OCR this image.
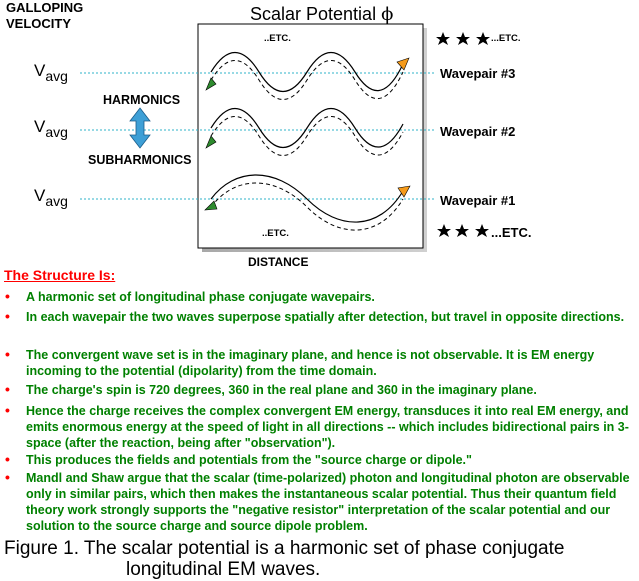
GALLOPING
VELOCITY	Scalar Potential ϕ
$V_{avg}$
$V_{avg}$
$V_{avg}$
HARMONICS
SUBHARMONICS
..ETC.
..ETC.
...ETC.
...ETC.
Wavepair #3
Wavepair #2
Wavepair #1
DISTANCE
The Structure Is:
• A harmonic set of longitudinal phase conjugate wavepairs.
• In each wavepair the two waves superpose spatially after detection, but travel in opposite directions.
• The convergent wave set is in the imaginary plane, and hence is not observable. It is EM energy incoming to the potential (dipolarity) from the time domain.
• The charge's spin is 720 degrees, 360 in the real plane and 360 in the imaginary plane.
• Hence the charge receives the complex convergent EM energy, transduces it into real EM energy, and emits enormous energy at the speed of light in all directions -- which includes bidirectional pairs in 3-space (after the reaction, being after "observation").
• This produces the fields and potentials from the "source charge or dipole."
• Mandl and Shaw argue that the scalar (time-polarized) photon and longitudinal photon are observable only in similar pairs, which then makes the instantaneous scalar potential. Thus their quantum field theory work strongly supports the "negative resistor" interpretation of the scalar potential and our solution to the source charge and source dipole problem.
Figure 1. The scalar potential is a harmonic set of phase conjugate
longitudinal EM waves.
